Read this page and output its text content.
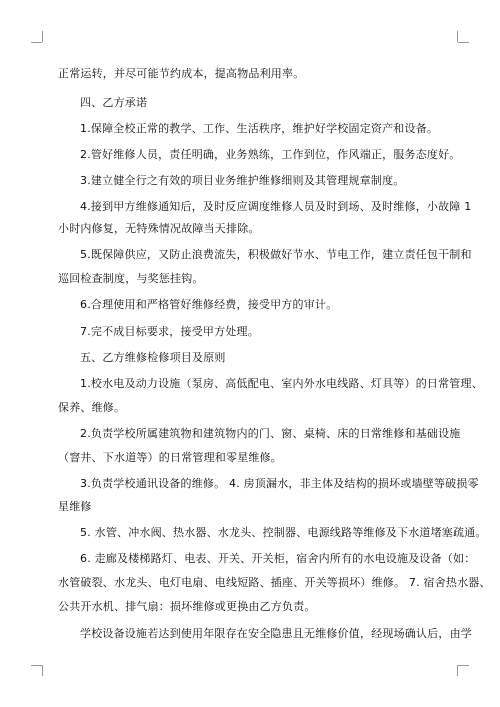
正常运转，并尽可能节约成本，提高物品利用率。
四、乙方承诺
1.保障全校正常的教学、工作、生活秩序，维护好学校固定资产和设备。
2.管好维修人员，责任明确，业务熟练，工作到位，作风端正，服务态度好。
3.建立健全行之有效的项目业务维护维修细则及其管理规章制度。
4.接到甲方维修通知后，及时反应调度维修人员及时到场、及时维修，小故障 1
小时内修复，无特殊情况故障当天排除。
5.既保障供应，又防止浪费流失，积极做好节水、节电工作，建立责任包干制和
巡回检查制度，与奖惩挂钩。
6.合理使用和严格管好维修经费，接受甲方的审计。
7.完不成目标要求，接受甲方处理。
五、乙方维修检修项目及原则
1.校水电及动力设施（泵房、高低配电、室内外水电线路、灯具等）的日常管理、
保养、维修。
2.负责学校所属建筑物和建筑物内的门、窗、桌椅、床的日常维修和基础设施
（窨井、下水道等）的日常管理和零星维修。
3.负责学校通讯设备的维修。 4. 房顶漏水，非主体及结构的损坏或墙壁等破损零
星维修
5. 水管、冲水阀、热水器、水龙头、控制器、电源线路等维修及下水道堵塞疏通。
6. 走廊及楼梯路灯、电表、开关、开关柜，宿舍内所有的水电设施及设备（如：
水管破裂、水龙头、电灯电扇、电线短路、插座、开关等损坏）维修。 7. 宿舍热水器、
公共开水机、排气扇：损坏维修或更换由乙方负责。
学校设备设施若达到使用年限存在安全隐患且无维修价值，经现场确认后，由学
